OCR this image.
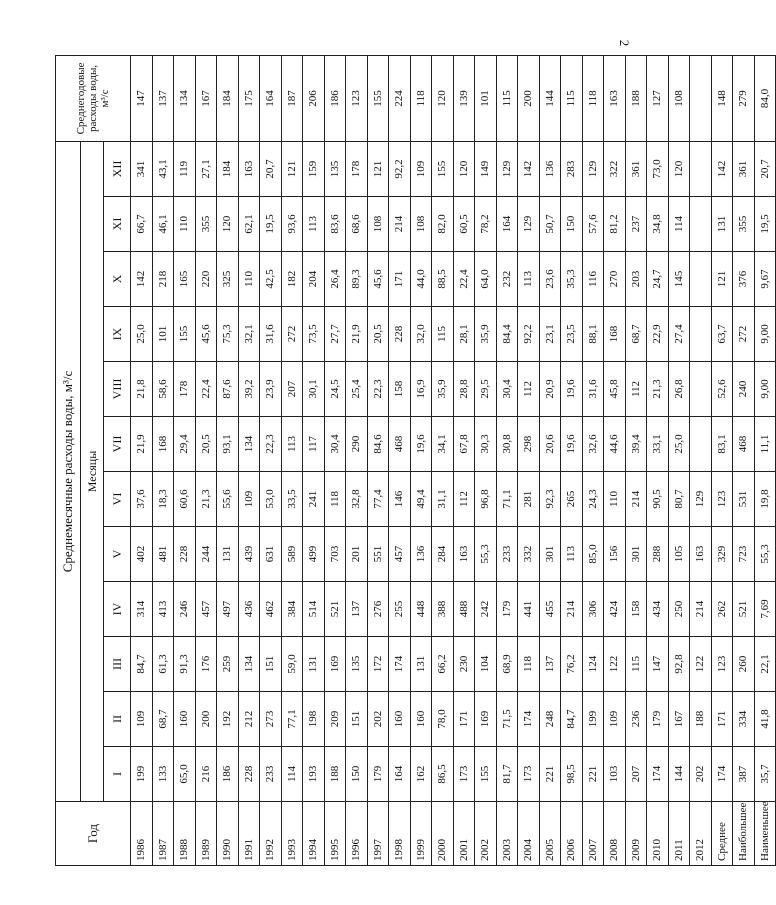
2
Год	Среднемесячные расходы воды, м³/с												Среднегодовые расходы воды, м³/с
	Месяцы												
	I	II	III	IV	V	VI	VII	VIII	IX	X	XI	XII	
1986	199	109	84,7	314	402	37,6	21,9	21,8	25,0	142	66,7	341	147
1987	133	68,7	61,3	413	481	18,3	168	58,6	101	218	46,1	43,1	137
1988	65,0	160	91,3	246	228	60,6	29,4	178	155	165	110	119	134
1989	216	200	176	457	244	21,3	20,5	22,4	45,6	220	355	27,1	167
1990	186	192	259	497	131	55,6	93,1	87,6	75,3	325	120	184	184
1991	228	212	134	436	439	109	134	39,2	32,1	110	62,1	163	175
1992	233	273	151	462	631	53,0	22,3	23,9	31,6	42,5	19,5	20,7	164
1993	114	77,1	59,0	384	589	33,5	113	207	272	182	93,6	121	187
1994	193	198	131	514	499	241	117	30,1	73,5	204	113	159	206
1995	188	209	169	521	703	118	30,4	24,5	27,7	26,4	83,6	135	186
1996	150	151	135	137	201	32,8	290	25,4	21,9	89,3	68,6	178	123
1997	179	202	172	276	551	77,4	84,6	22,3	20,5	45,6	108	121	155
1998	164	160	174	255	457	146	468	158	228	171	214	92,2	224
1999	162	160	131	448	136	49,4	19,6	16,9	32,0	44,0	108	109	118
2000	86,5	78,0	66,2	388	284	31,1	34,1	35,9	115	88,5	82,0	155	120
2001	173	171	230	488	163	112	67,8	28,8	28,1	22,4	60,5	120	139
2002	155	169	104	242	55,3	96,8	30,3	29,5	35,9	64,0	78,2	149	101
2003	81,7	71,5	68,9	179	233	71,1	30,8	30,4	84,4	232	164	129	115
2004	173	174	118	441	332	281	298	112	92,2	113	129	142	200
2005	221	248	137	455	301	92,3	20,6	20,9	23,1	23,6	50,7	136	144
2006	98,5	84,7	76,2	214	113	265	19,6	19,6	23,5	35,3	150	283	115
2007	221	199	124	306	85,0	24,3	32,6	31,6	88,1	116	57,6	129	118
2008	103	109	122	424	156	110	44,6	45,8	168	270	81,2	322	163
2009	207	236	115	158	301	214	39,4	112	68,7	203	237	361	188
2010	174	179	147	434	288	90,5	33,1	21,3	22,9	24,7	34,8	73,0	127
2011	144	167	92,8	250	105	80,7	25,0	26,8	27,4	145	114	120	108
2012	202	188	122	214	163	129							
Среднее	174	171	123	262	329	123	83,1	52,6	63,7	121	131	142	148
Наибольшее	387	334	260	521	723	531	468	240	272	376	355	361	279
Наименьшее	35,7	41,8	22,1	7,69	55,3	19,8	11,1	9,00	9,00	9,67	19,5	20,7	84,0
